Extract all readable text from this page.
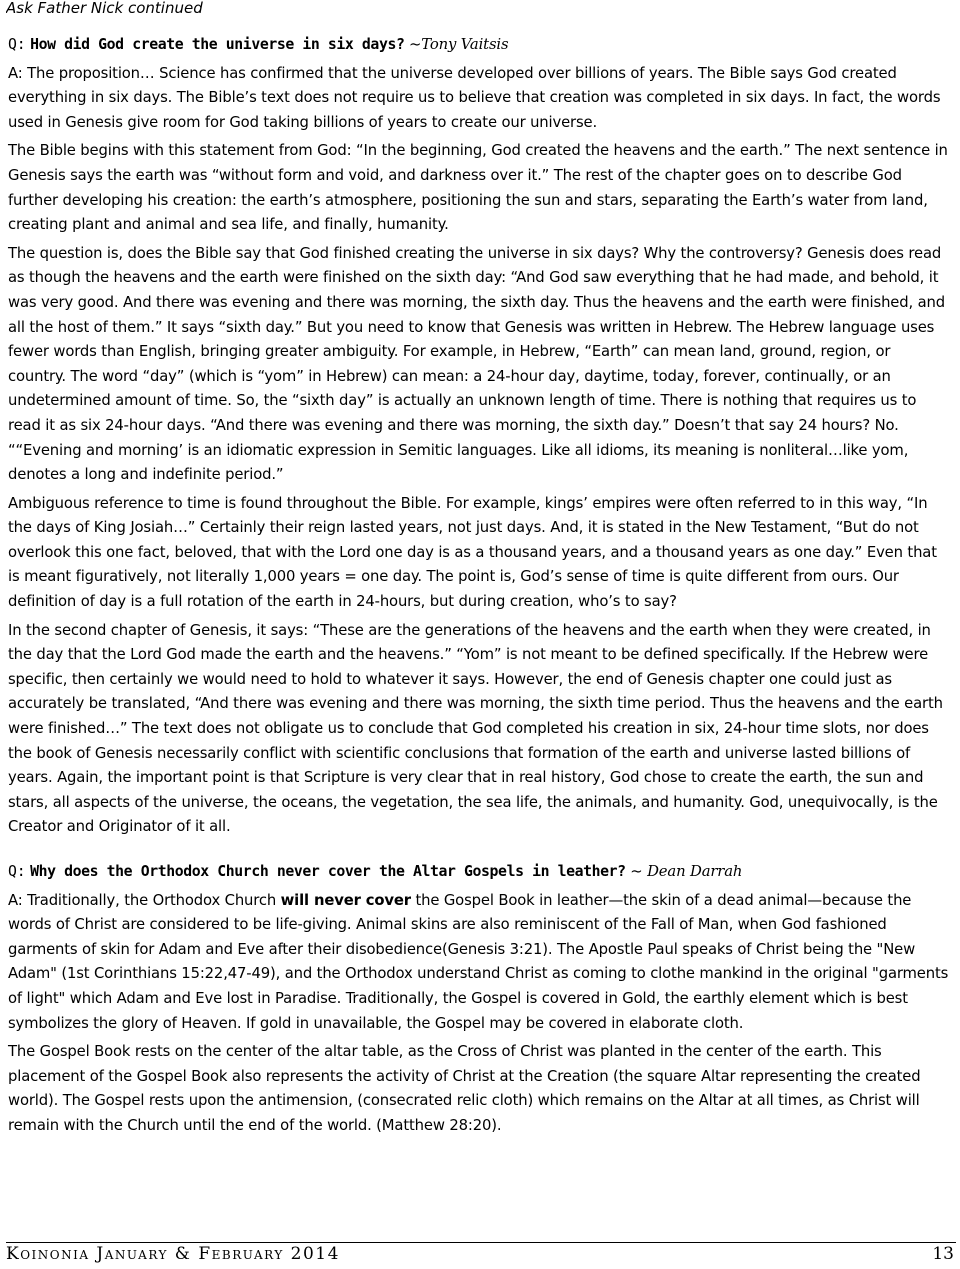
Ask Father Nick continued

Q: How did God create the universe in six days? ~Tony Vaitsis

A: The proposition… Science has confirmed that the universe developed over billions of years. The Bible says God created everything in six days. The Bible’s text does not require us to believe that creation was completed in six days. In fact, the words used in Genesis give room for God taking billions of years to create our universe.

The Bible begins with this statement from God: “In the beginning, God created the heavens and the earth.” The next sentence in Genesis says the earth was “without form and void, and darkness over it.” The rest of the chapter goes on to describe God further developing his creation: the earth’s atmosphere, positioning the sun and stars, separating the Earth’s water from land, creating plant and animal and sea life, and finally, humanity.

The question is, does the Bible say that God finished creating the universe in six days? Why the controversy? Genesis does read as though the heavens and the earth were finished on the sixth day: “And God saw everything that he had made, and behold, it was very good. And there was evening and there was morning, the sixth day. Thus the heavens and the earth were finished, and all the host of them.” It says “sixth day.” But you need to know that Genesis was written in Hebrew. The Hebrew language uses fewer words than English, bringing greater ambiguity. For example, in Hebrew, “Earth” can mean land, ground, region, or country. The word “day” (which is “yom” in Hebrew) can mean: a 24-hour day, daytime, today, forever, continually, or an undetermined amount of time. So, the “sixth day” is actually an unknown length of time. There is nothing that requires us to read it as six 24-hour days. “And there was evening and there was morning, the sixth day.” Doesn’t that say 24 hours? No. ““Evening and morning’ is an idiomatic expression in Semitic languages. Like all idioms, its meaning is nonliteral…like yom, denotes a long and indefinite period.”

Ambiguous reference to time is found throughout the Bible. For example, kings’ empires were often referred to in this way, “In the days of King Josiah…” Certainly their reign lasted years, not just days. And, it is stated in the New Testament, “But do not overlook this one fact, beloved, that with the Lord one day is as a thousand years, and a thousand years as one day.” Even that is meant figuratively, not literally 1,000 years = one day. The point is, God’s sense of time is quite different from ours. Our definition of day is a full rotation of the earth in 24-hours, but during creation, who’s to say?

In the second chapter of Genesis, it says: “These are the generations of the heavens and the earth when they were created, in the day that the Lord God made the earth and the heavens.” “Yom” is not meant to be defined specifically. If the Hebrew were specific, then certainly we would need to hold to whatever it says. However, the end of Genesis chapter one could just as accurately be translated, “And there was evening and there was morning, the sixth time period. Thus the heavens and the earth were finished…” The text does not obligate us to conclude that God completed his creation in six, 24-hour time slots, nor does the book of Genesis necessarily conflict with scientific conclusions that formation of the earth and universe lasted billions of years. Again, the important point is that Scripture is very clear that in real history, God chose to create the earth, the sun and stars, all aspects of the universe, the oceans, the vegetation, the sea life, the animals, and humanity. God, unequivocally, is the Creator and Originator of it all.

Q: Why does the Orthodox Church never cover the Altar Gospels in leather? ~ Dean Darrah

A: Traditionally, the Orthodox Church will never cover the Gospel Book in leather—the skin of a dead animal—because the words of Christ are considered to be life-giving. Animal skins are also reminiscent of the Fall of Man, when God fashioned garments of skin for Adam and Eve after their disobedience(Genesis 3:21). The Apostle Paul speaks of Christ being the "New Adam" (1st Corinthians 15:22,47-49), and the Orthodox understand Christ as coming to clothe mankind in the original "garments of light" which Adam and Eve lost in Paradise. Traditionally, the Gospel is covered in Gold, the earthly element which is best symbolizes the glory of Heaven. If gold in unavailable, the Gospel may be covered in elaborate cloth.

The Gospel Book rests on the center of the altar table, as the Cross of Christ was planted in the center of the earth. This placement of the Gospel Book also represents the activity of Christ at the Creation (the square Altar representing the created world). The Gospel rests upon the antimension, (consecrated relic cloth) which remains on the Altar at all times, as Christ will remain with the Church until the end of the world. (Matthew 28:20).

Koinonia January & February 2014	13
